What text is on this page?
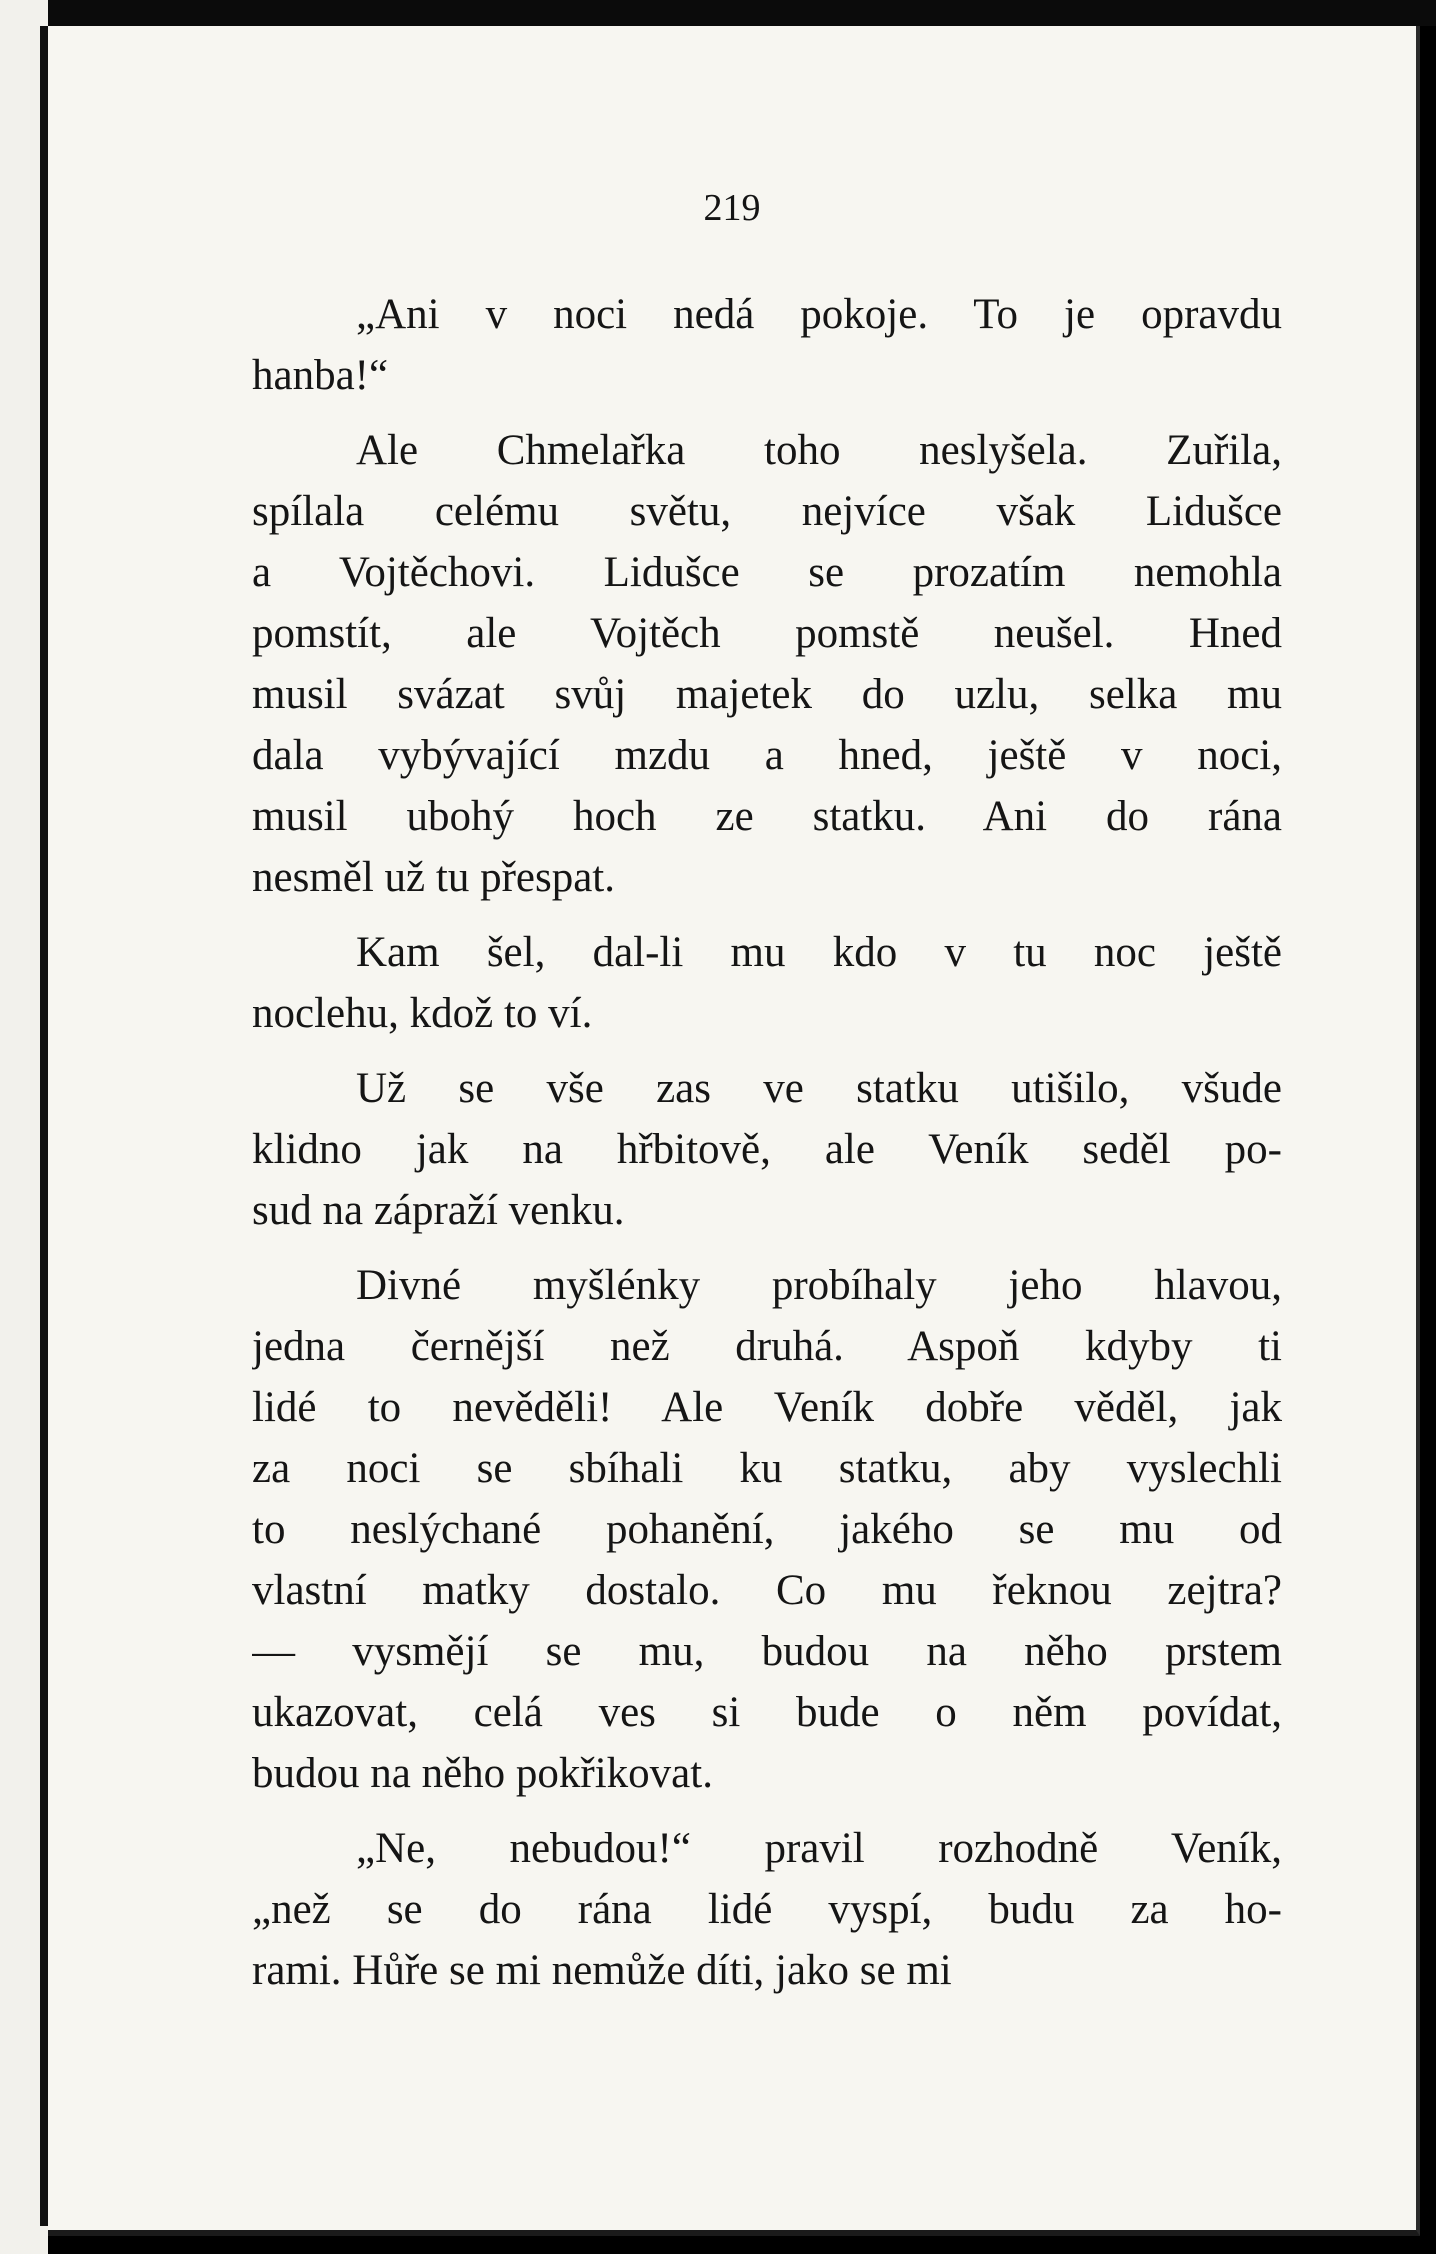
219
„Ani v noci nedá pokoje. To je opravdu
hanba!“
Ale Chmelařka toho neslyšela. Zuřila,
spílala celému světu, nejvíce však Lidušce
a Vojtěchovi. Lidušce se prozatím nemohla
pomstít, ale Vojtěch pomstě neušel. Hned
musil svázat svůj majetek do uzlu, selka mu
dala vybývající mzdu a hned, ještě v noci,
musil ubohý hoch ze statku. Ani do rána
nesměl už tu přespat.
Kam šel, dal-li mu kdo v tu noc ještě
noclehu, kdož to ví.
Už se vše zas ve statku utišilo, všude
klidno jak na hřbitově, ale Veník seděl po-
sud na zápraží venku.
Divné myšlénky probíhaly jeho hlavou,
jedna černější než druhá. Aspoň kdyby ti
lidé to nevěděli! Ale Veník dobře věděl, jak
za noci se sbíhali ku statku, aby vyslechli
to neslýchané pohanění, jakého se mu od
vlastní matky dostalo. Co mu řeknou zejtra?
— vysmějí se mu, budou na něho prstem
ukazovat, celá ves si bude o něm povídat,
budou na něho pokřikovat.
„Ne, nebudou!“ pravil rozhodně Veník,
„než se do rána lidé vyspí, budu za ho-
rami. Hůře se mi nemůže díti, jako se mi
